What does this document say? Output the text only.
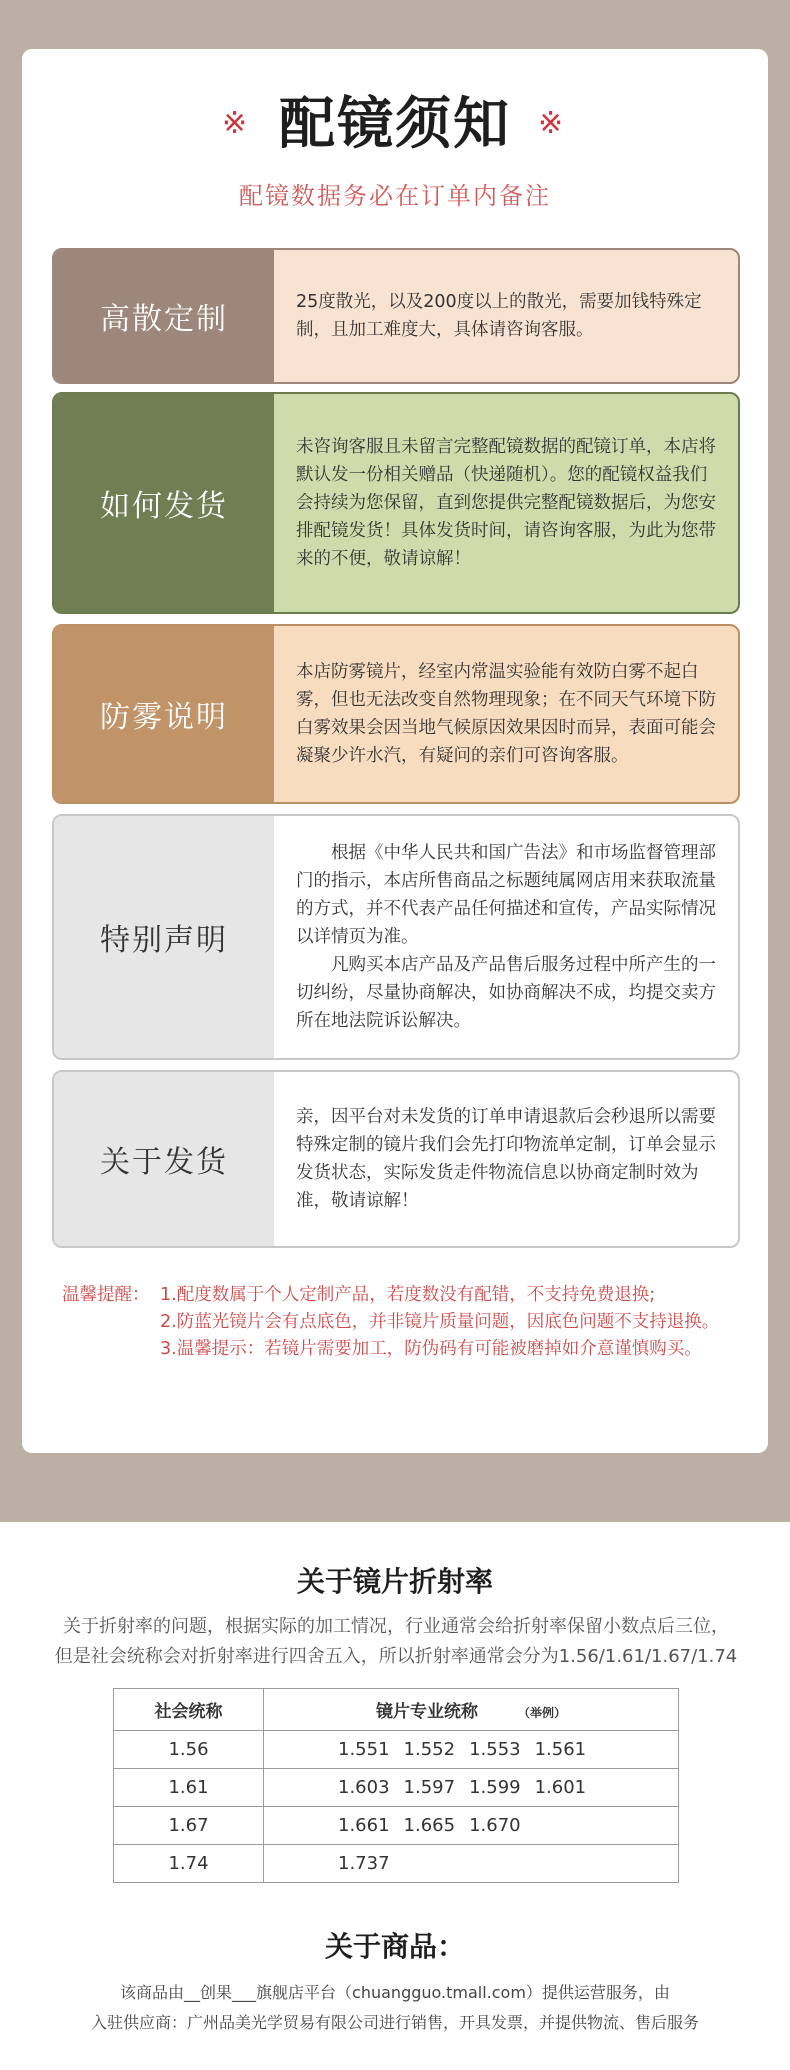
※ 配镜须知 ※
配镜数据务必在订单内备注
高散定制	25度散光，以及200度以上的散光，需要加钱特殊定制，且加工难度大，具体请咨询客服。

如何发货

未咨询客服且未留言完整配镜数据的配镜订单，本店将默认发一份相关赠品（快递随机）。您的配镜权益我们会持续为您保留，直到您提供完整配镜数据后，为您安排配镜发货！具体发货时间，请咨询客服，为此为您带来的不便，敬请谅解！

防雾说明

本店防雾镜片，经室内常温实验能有效防白雾不起白雾，但也无法改变自然物理现象；在不同天气环境下防白雾效果会因当地气候原因效果因时而异，表面可能会凝聚少许水汽，有疑问的亲们可咨询客服。

特别声明

根据《中华人民共和国广告法》和市场监督管理部门的指示，本店所售商品之标题纯属网店用来获取流量的方式，并不代表产品任何描述和宣传，产品实际情况以详情页为准。

凡购买本店产品及产品售后服务过程中所产生的一切纠纷，尽量协商解决，如协商解决不成，均提交卖方所在地法院诉讼解决。

关于发货

亲，因平台对未发货的订单申请退款后会秒退所以需要特殊定制的镜片我们会先打印物流单定制，订单会显示发货状态，实际发货走件物流信息以协商定制时效为准，敬请谅解！

温馨提醒： 1.配度数属于个人定制产品，若度数没有配错，不支持免费退换;
2.防蓝光镜片会有点底色，并非镜片质量问题，因底色问题不支持退换。
3.温馨提示：若镜片需要加工，防伪码有可能被磨掉如介意谨慎购买。
关于镜片折射率
关于折射率的问题，根据实际的加工情况，行业通常会给折射率保留小数点后三位，
但是社会统称会对折射率进行四舍五入，所以折射率通常会分为1.56/1.61/1.67/1.74
社会统称	镜片专业统称 （举例）
1.56	1.551 1.552 1.553 1.561
1.61	1.603 1.597 1.599 1.601
1.67	1.661 1.665 1.670
1.74	1.737
关于商品：
该商品由__创果___旗舰店平台（chuangguo.tmall.com）提供运营服务，由
入驻供应商：广州品美光学贸易有限公司进行销售，开具发票，并提供物流、售后服务
